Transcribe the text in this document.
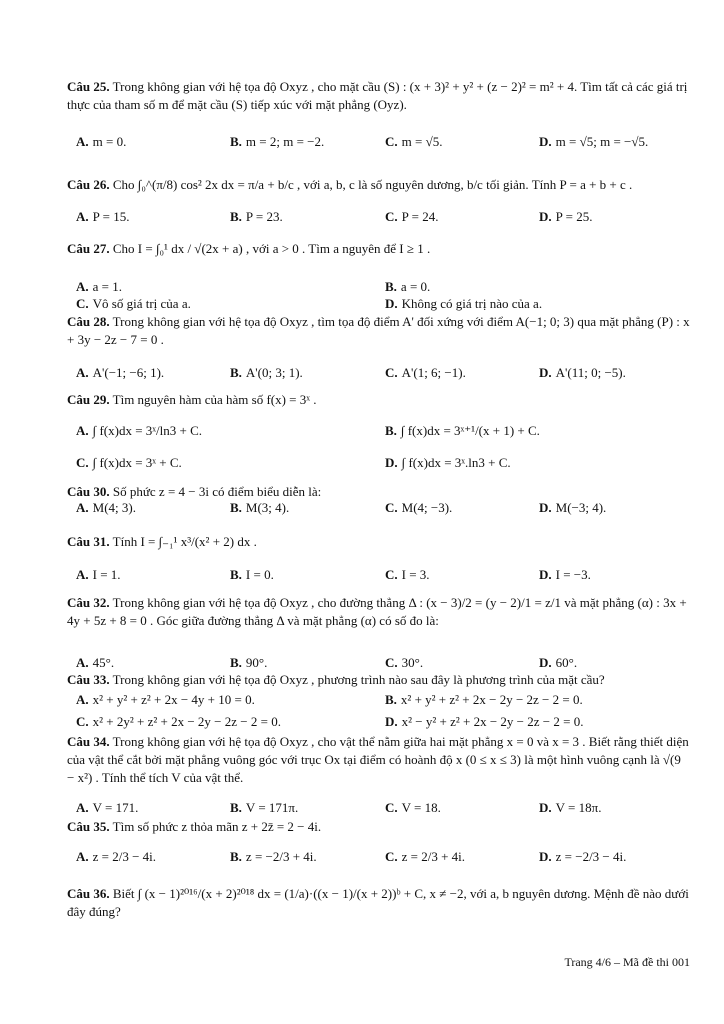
Câu 25. Trong không gian với hệ tọa độ Oxyz , cho mặt cầu (S) : (x + 3)² + y² + (z − 2)² = m² + 4. Tìm tất cả các giá trị thực của tham số m để mặt cầu (S) tiếp xúc với mặt phẳng (Oyz).
A. m = 0.	B. m = 2; m = −2.	C. m = √5.	D. m = √5; m = −√5.
Câu 26. Cho ∫₀^(π/8) cos² 2x dx = π/a + b/c , với a, b, c là số nguyên dương, b/c tối giản. Tính P = a + b + c .
A. P = 15.	B. P = 23.	C. P = 24.	D. P = 25.
Câu 27. Cho I = ∫₀¹ dx / √(2x + a) , với a > 0 . Tìm a nguyên để I ≥ 1 .
A. a = 1.	B. a = 0.
C. Vô số giá trị của a.	D. Không có giá trị nào của a.
Câu 28. Trong không gian với hệ tọa độ Oxyz , tìm tọa độ điểm A' đối xứng với điểm A(−1; 0; 3) qua mặt phẳng (P) : x + 3y − 2z − 7 = 0 .
A. A'(−1; −6; 1).	B. A'(0; 3; 1).	C. A'(1; 6; −1).	D. A'(11; 0; −5).
Câu 29. Tìm nguyên hàm của hàm số f(x) = 3ˣ .
A. ∫ f(x)dx = 3ˣ/ln3 + C.	B. ∫ f(x)dx = 3ˣ⁺¹/(x + 1) + C.
C. ∫ f(x)dx = 3ˣ + C.	D. ∫ f(x)dx = 3ˣ.ln3 + C.
Câu 30. Số phức z = 4 − 3i có điểm biểu diễn là:
A. M(4; 3).	B. M(3; 4).	C. M(4; −3).	D. M(−3; 4).
Câu 31. Tính I = ∫₋₁¹ x³/(x² + 2) dx .
A. I = 1.	B. I = 0.	C. I = 3.	D. I = −3.
Câu 32. Trong không gian với hệ tọa độ Oxyz , cho đường thẳng Δ : (x − 3)/2 = (y − 2)/1 = z/1 và mặt phẳng (α) : 3x + 4y + 5z + 8 = 0 . Góc giữa đường thẳng Δ và mặt phẳng (α) có số đo là:
A. 45°.	B. 90°.	C. 30°.	D. 60°.
Câu 33. Trong không gian với hệ tọa độ Oxyz , phương trình nào sau đây là phương trình của mặt cầu?
A. x² + y² + z² + 2x − 4y + 10 = 0.	B. x² + y² + z² + 2x − 2y − 2z − 2 = 0.
C. x² + 2y² + z² + 2x − 2y − 2z − 2 = 0.	D. x² − y² + z² + 2x − 2y − 2z − 2 = 0.
Câu 34. Trong không gian với hệ tọa độ Oxyz , cho vật thể nằm giữa hai mặt phẳng x = 0 và x = 3 . Biết rằng thiết diện của vật thể cắt bởi mặt phẳng vuông góc với trục Ox tại điểm có hoành độ x (0 ≤ x ≤ 3) là một hình vuông cạnh là √(9 − x²) . Tính thể tích V của vật thể.
A. V = 171.	B. V = 171π.	C. V = 18.	D. V = 18π.
Câu 35. Tìm số phức z thỏa mãn z + 2z̄ = 2 − 4i.
A. z = 2/3 − 4i.	B. z = −2/3 + 4i.	C. z = 2/3 + 4i.	D. z = −2/3 − 4i.
Câu 36. Biết ∫ (x − 1)²⁰¹⁶/(x + 2)²⁰¹⁸ dx = (1/a)·((x − 1)/(x + 2))ᵇ + C, x ≠ −2, với a, b nguyên dương. Mệnh đề nào dưới đây đúng?
Trang 4/6 – Mã đề thi 001
